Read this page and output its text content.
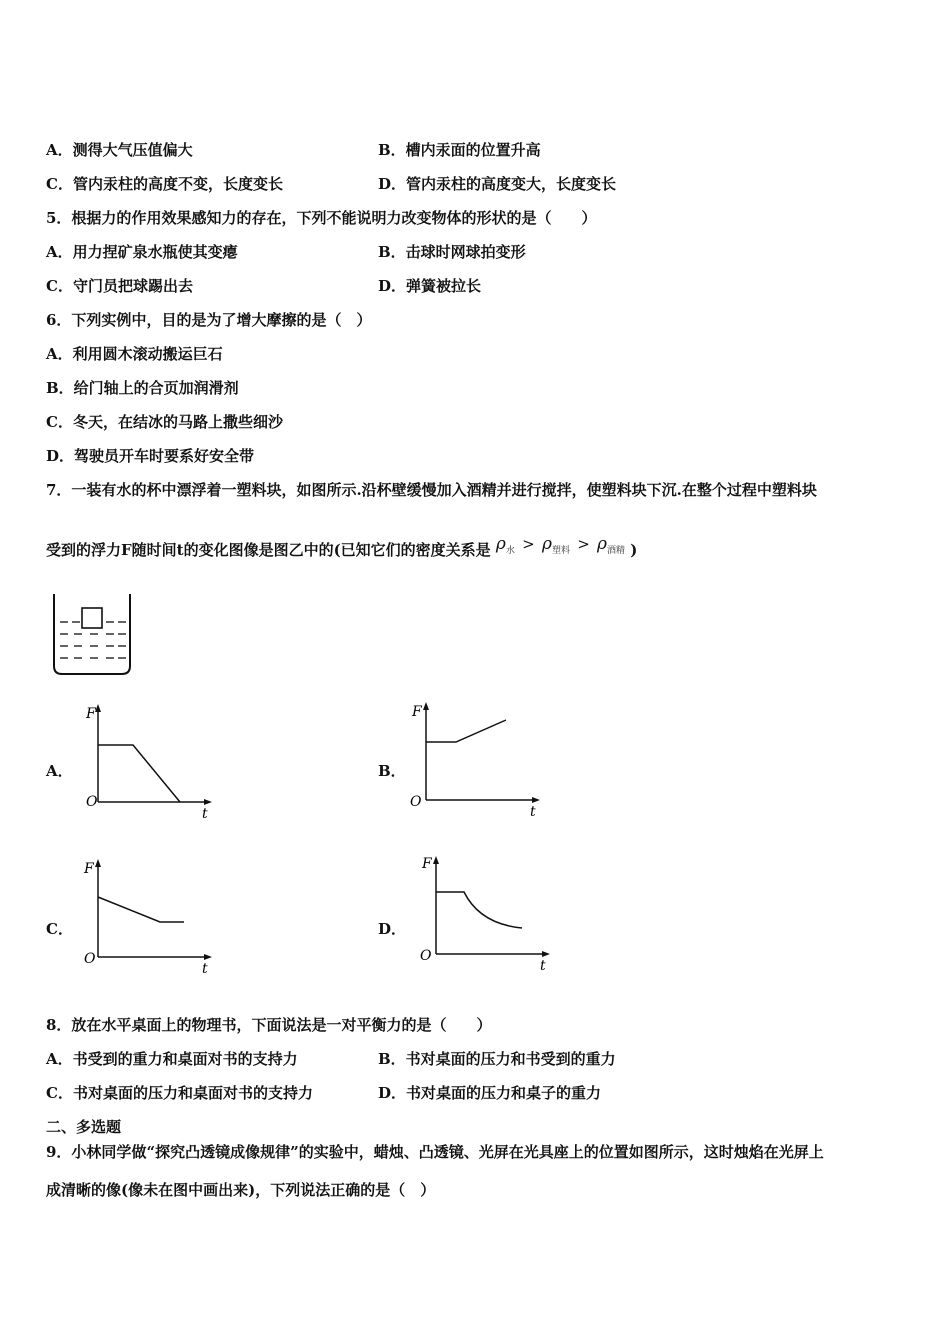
A．测得大气压值偏大	B．槽内汞面的位置升高
C．管内汞柱的高度不变，长度变长	D．管内汞柱的高度变大，长度变长
5．根据力的作用效果感知力的存在，下列不能说明力改变物体的形状的是（　　）
A．用力捏矿泉水瓶使其变瘪	B．击球时网球拍变形
C．守门员把球踢出去	D．弹簧被拉长
6．下列实例中，目的是为了增大摩擦的是（　）
A．利用圆木滚动搬运巨石
B．给门轴上的合页加润滑剂
C．冬天，在结冰的马路上撒些细沙
D．驾驶员开车时要系好安全带
7．一装有水的杯中漂浮着一塑料块，如图所示.沿杯壁缓慢加入酒精并进行搅拌，使塑料块下沉.在整个过程中塑料块
受到的浮力F随时间t的变化图像是图乙中的(已知它们的密度关系是 $\rho_水 > \rho_{塑料} > \rho_{酒精}$ )
A．
F
O
t
B．
F
O
t
C．
F
O
t
D．
F
O
t
8．放在水平桌面上的物理书，下面说法是一对平衡力的是（　　）
A．书受到的重力和桌面对书的支持力	B．书对桌面的压力和书受到的重力
C．书对桌面的压力和桌面对书的支持力	D．书对桌面的压力和桌子的重力
二、多选题
9．小林同学做“探究凸透镜成像规律”的实验中，蜡烛、凸透镜、光屏在光具座上的位置如图所示，这时烛焰在光屏上
成清晰的像(像未在图中画出来)，下列说法正确的是（　）
